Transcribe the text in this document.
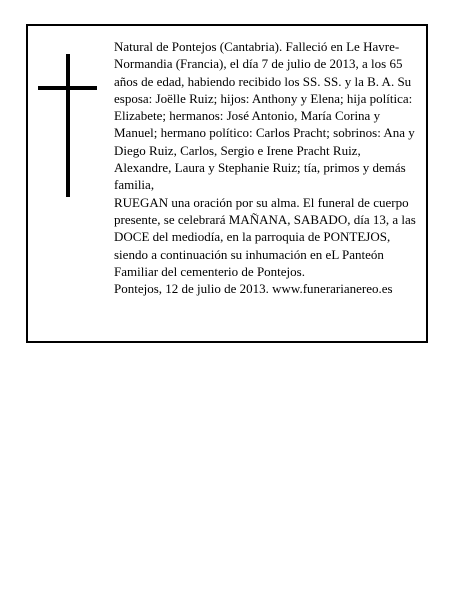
Natural de Pontejos (Cantabria). Falleció en Le Havre-Normandia (Francia), el día 7 de julio de 2013, a los 65 años de edad, habiendo recibido los SS. SS. y la B. A. Su esposa: Joëlle Ruiz; hijos: Anthony y Elena; hija política: Elizabete; hermanos: José Antonio, María Corina y Manuel; hermano político: Carlos Pracht; sobrinos: Ana y Diego Ruiz, Carlos, Sergio e Irene Pracht Ruiz, Alexandre, Laura y Stephanie Ruiz; tía, primos y demás familia,

RUEGAN una oración por su alma. El funeral de cuerpo presente, se celebrará MAÑANA, SABADO, día 13, a las DOCE del mediodía, en la parroquia de PONTEJOS, siendo a continuación su inhumación en eL Panteón Familiar del cementerio de Pontejos.

Pontejos, 12 de julio de 2013. www.funerarianereo.es
